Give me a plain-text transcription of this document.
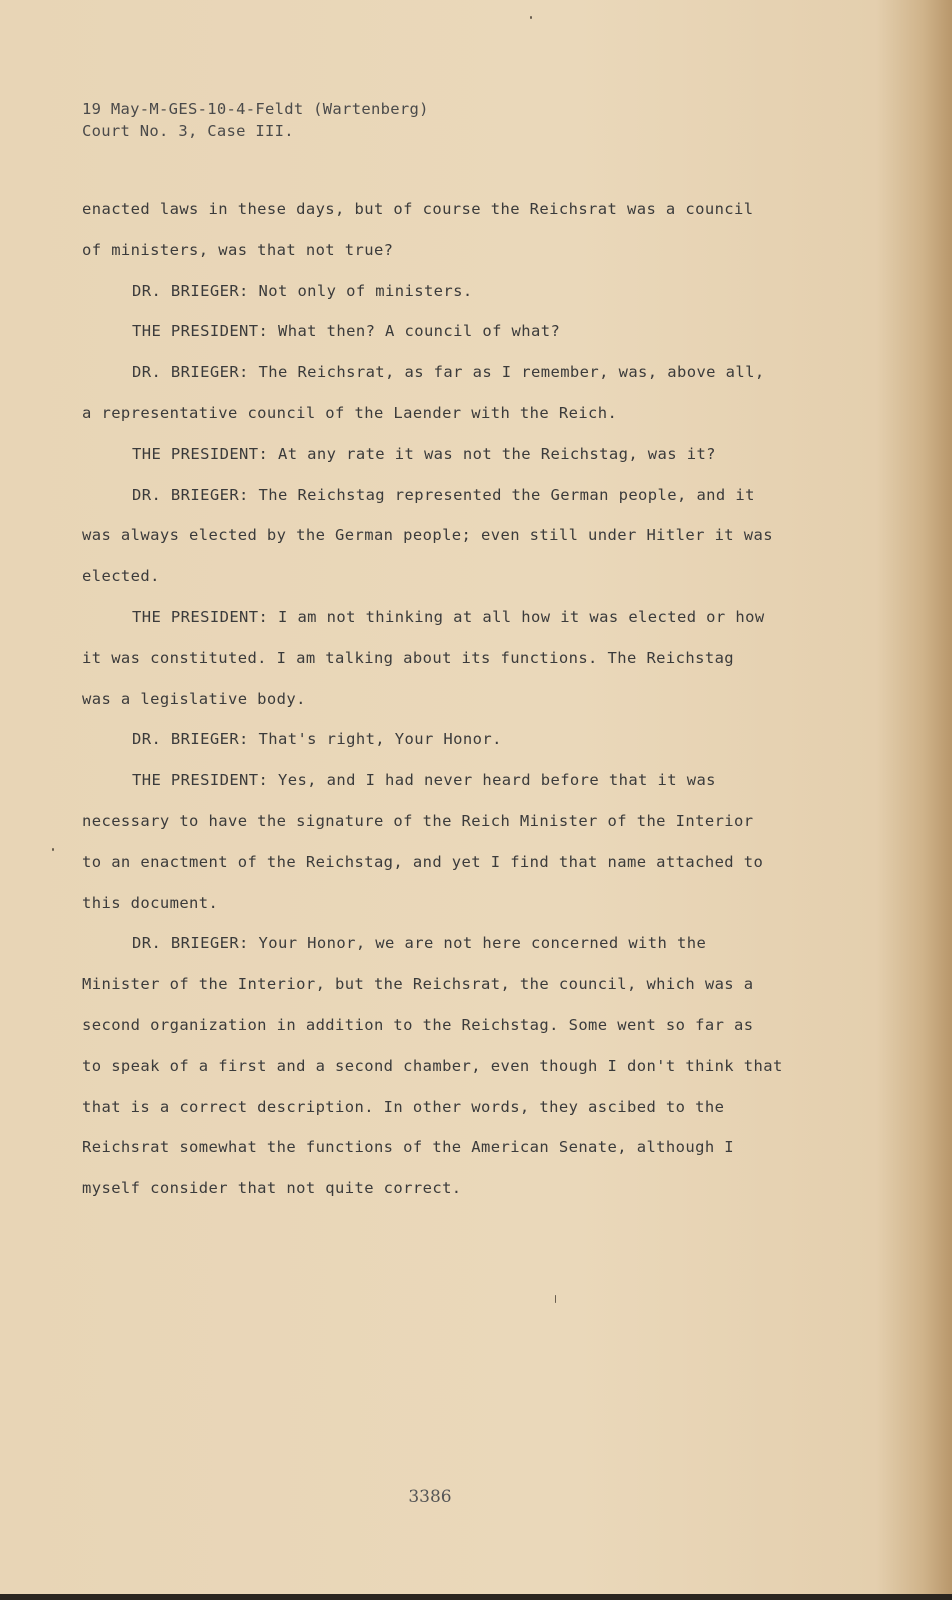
19 May-M-GES-10-4-Feldt (Wartenberg)
Court No. 3, Case III.
enacted laws in these days, but of course the Reichsrat was a council
of ministers, was that not true?
DR. BRIEGER: Not only of ministers.
THE PRESIDENT: What then? A council of what?
DR. BRIEGER: The Reichsrat, as far as I remember, was, above all,
a representative council of the Laender with the Reich.
THE PRESIDENT: At any rate it was not the Reichstag, was it?
DR. BRIEGER: The Reichstag represented the German people, and it
was always elected by the German people; even still under Hitler it was
elected.
THE PRESIDENT: I am not thinking at all how it was elected or how
it was constituted. I am talking about its functions. The Reichstag
was a legislative body.
DR. BRIEGER: That's right, Your Honor.
THE PRESIDENT: Yes, and I had never heard before that it was
necessary to have the signature of the Reich Minister of the Interior
to an enactment of the Reichstag, and yet I find that name attached to
this document.
DR. BRIEGER: Your Honor, we are not here concerned with the
Minister of the Interior, but the Reichsrat, the council, which was a
second organization in addition to the Reichstag. Some went so far as
to speak of a first and a second chamber, even though I don't think that
that is a correct description. In other words, they ascibed to the
Reichsrat somewhat the functions of the American Senate, although I
myself consider that not quite correct.
3386
